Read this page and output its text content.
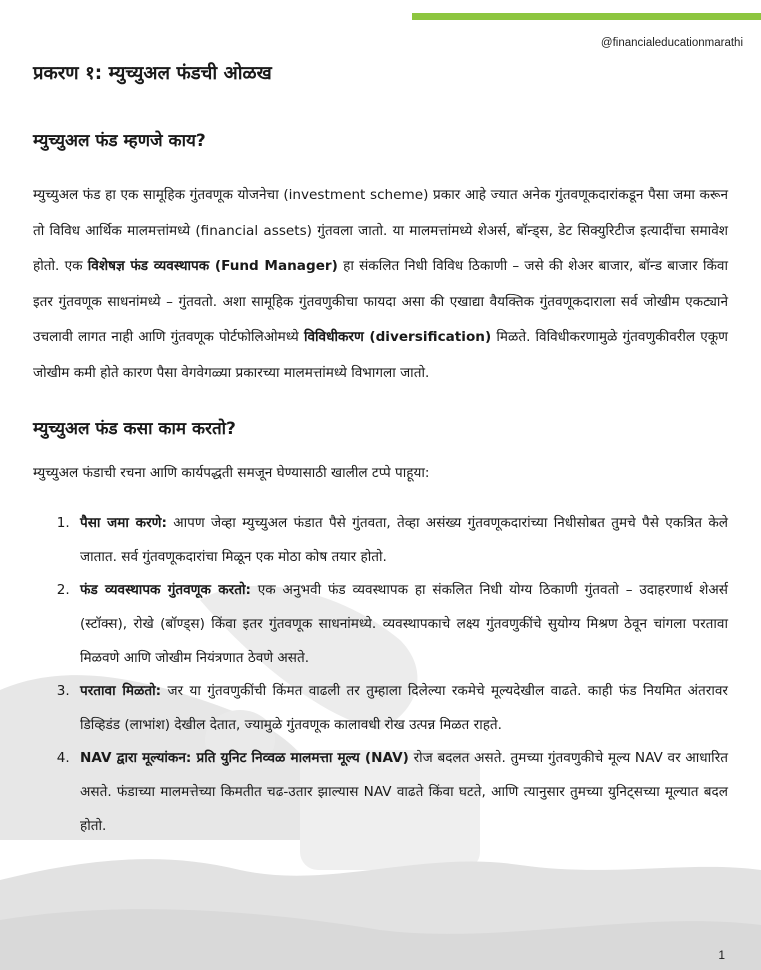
@financialeducationmarathi
प्रकरण १: म्युच्युअल फंडची ओळख
म्युच्युअल फंड म्हणजे काय?

म्युच्युअल फंड हा एक सामूहिक गुंतवणूक योजनेचा (investment scheme) प्रकार आहे ज्यात अनेक गुंतवणूकदारांकडून पैसा जमा करून तो विविध आर्थिक मालमत्तांमध्ये (financial assets) गुंतवला जातो. या मालमत्तांमध्ये शेअर्स, बॉन्ड्स, डेट सिक्युरिटीज इत्यादींचा समावेश होतो. एक विशेषज्ञ फंड व्यवस्थापक (Fund Manager) हा संकलित निधी विविध ठिकाणी – जसे की शेअर बाजार, बॉन्ड बाजार किंवा इतर गुंतवणूक साधनांमध्ये – गुंतवतो. अशा सामूहिक गुंतवणुकीचा फायदा असा की एखाद्या वैयक्तिक गुंतवणूकदाराला सर्व जोखीम एकट्याने उचलावी लागत नाही आणि गुंतवणूक पोर्टफोलिओमध्ये विविधीकरण (diversification) मिळते. विविधीकरणामुळे गुंतवणुकीवरील एकूण जोखीम कमी होते कारण पैसा वेगवेगळ्या प्रकारच्या मालमत्तांमध्ये विभागला जातो.

म्युच्युअल फंड कसा काम करतो?

म्युच्युअल फंडाची रचना आणि कार्यपद्धती समजून घेण्यासाठी खालील टप्पे पाहूया:

1. पैसा जमा करणे: आपण जेव्हा म्युच्युअल फंडात पैसे गुंतवता, तेव्हा असंख्य गुंतवणूकदारांच्या निधीसोबत तुमचे पैसे एकत्रित केले जातात. सर्व गुंतवणूकदारांचा मिळून एक मोठा कोष तयार होतो.
2. फंड व्यवस्थापक गुंतवणूक करतो: एक अनुभवी फंड व्यवस्थापक हा संकलित निधी योग्य ठिकाणी गुंतवतो – उदाहरणार्थ शेअर्स (स्टॉक्स), रोखे (बॉण्ड्स) किंवा इतर गुंतवणूक साधनांमध्ये. व्यवस्थापकाचे लक्ष्य गुंतवणुकींचे सुयोग्य मिश्रण ठेवून चांगला परतावा मिळवणे आणि जोखीम नियंत्रणात ठेवणे असते.
3. परतावा मिळतो: जर या गुंतवणुकींची किंमत वाढली तर तुम्हाला दिलेल्या रकमेचे मूल्यदेखील वाढते. काही फंड नियमित अंतरावर डिव्हिडंड (लाभांश) देखील देतात, ज्यामुळे गुंतवणूक कालावधी रोख उत्पन्न मिळत राहते.
4. NAV द्वारा मूल्यांकन: प्रति युनिट निव्वळ मालमत्ता मूल्य (NAV) रोज बदलत असते. तुमच्या गुंतवणुकीचे मूल्य NAV वर आधारित असते. फंडाच्या मालमत्तेच्या किमतीत चढ-उतार झाल्यास NAV वाढते किंवा घटते, आणि त्यानुसार तुमच्या युनिट्सच्या मूल्यात बदल होतो.
1
